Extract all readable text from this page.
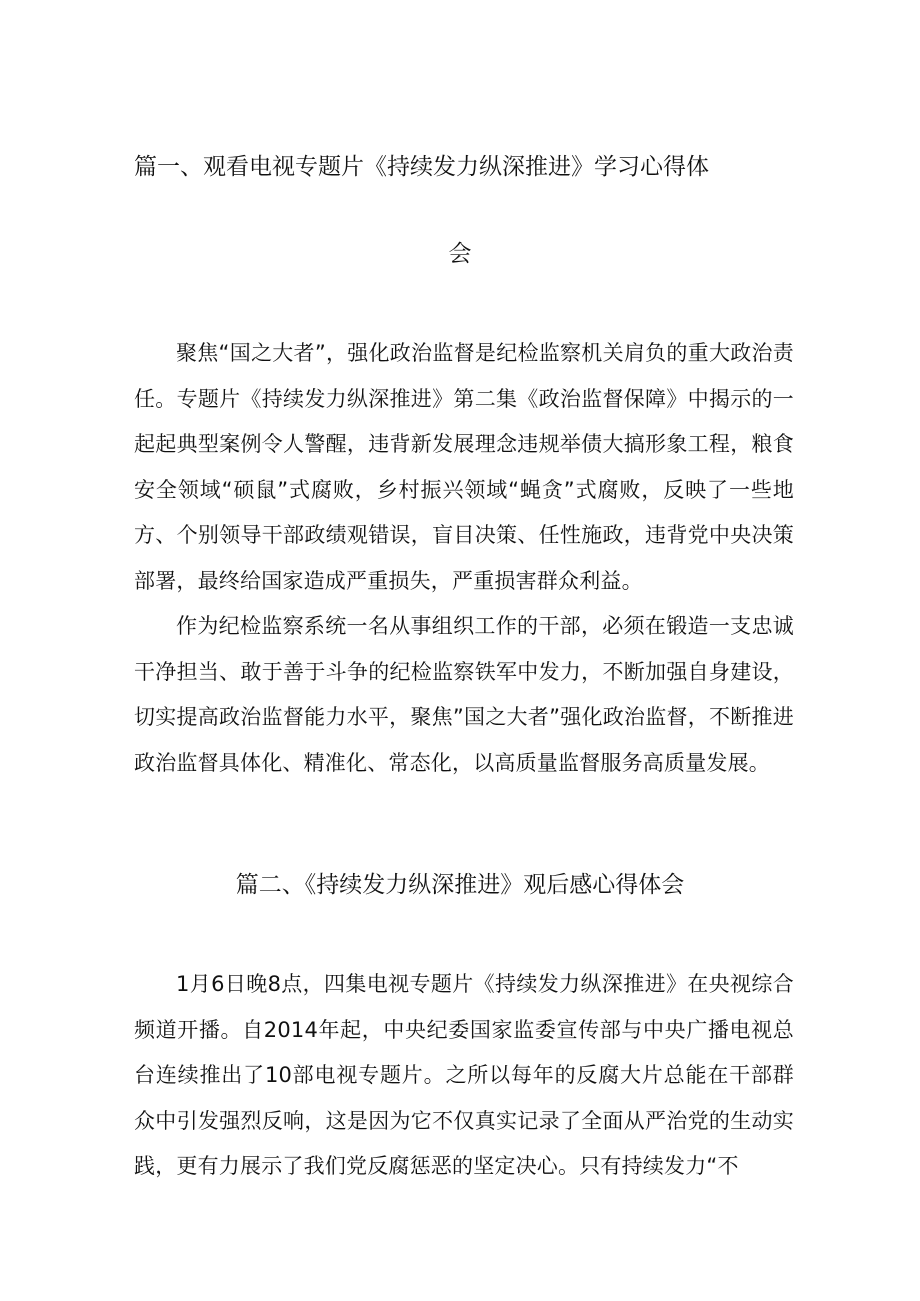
篇一、观看电视专题片《持续发力纵深推进》学习心得体
会

聚焦“国之大者”，强化政治监督是纪检监察机关肩负的重大政治责任。专题片《持续发力纵深推进》第二集《政治监督保障》中揭示的一起起典型案例令人警醒，违背新发展理念违规举债大搞形象工程，粮食安全领域“硕鼠”式腐败，乡村振兴领域“蝇贪”式腐败，反映了一些地方、个别领导干部政绩观错误，盲目决策、任性施政，违背党中央决策部署，最终给国家造成严重损失，严重损害群众利益。

作为纪检监察系统一名从事组织工作的干部，必须在锻造一支忠诚干净担当、敢于善于斗争的纪检监察铁军中发力，不断加强自身建设，切实提高政治监督能力水平，聚焦”国之大者”强化政治监督，不断推进政治监督具体化、精准化、常态化，以高质量监督服务高质量发展。

篇二、《持续发力纵深推进》观后感心得体会

1月6日晚8点，四集电视专题片《持续发力纵深推进》在央视综合频道开播。自2014年起，中央纪委国家监委宣传部与中央广播电视总台连续推出了10部电视专题片。之所以每年的反腐大片总能在干部群众中引发强烈反响，这是因为它不仅真实记录了全面从严治党的生动实践，更有力展示了我们党反腐惩恶的坚定决心。只有持续发力“不
